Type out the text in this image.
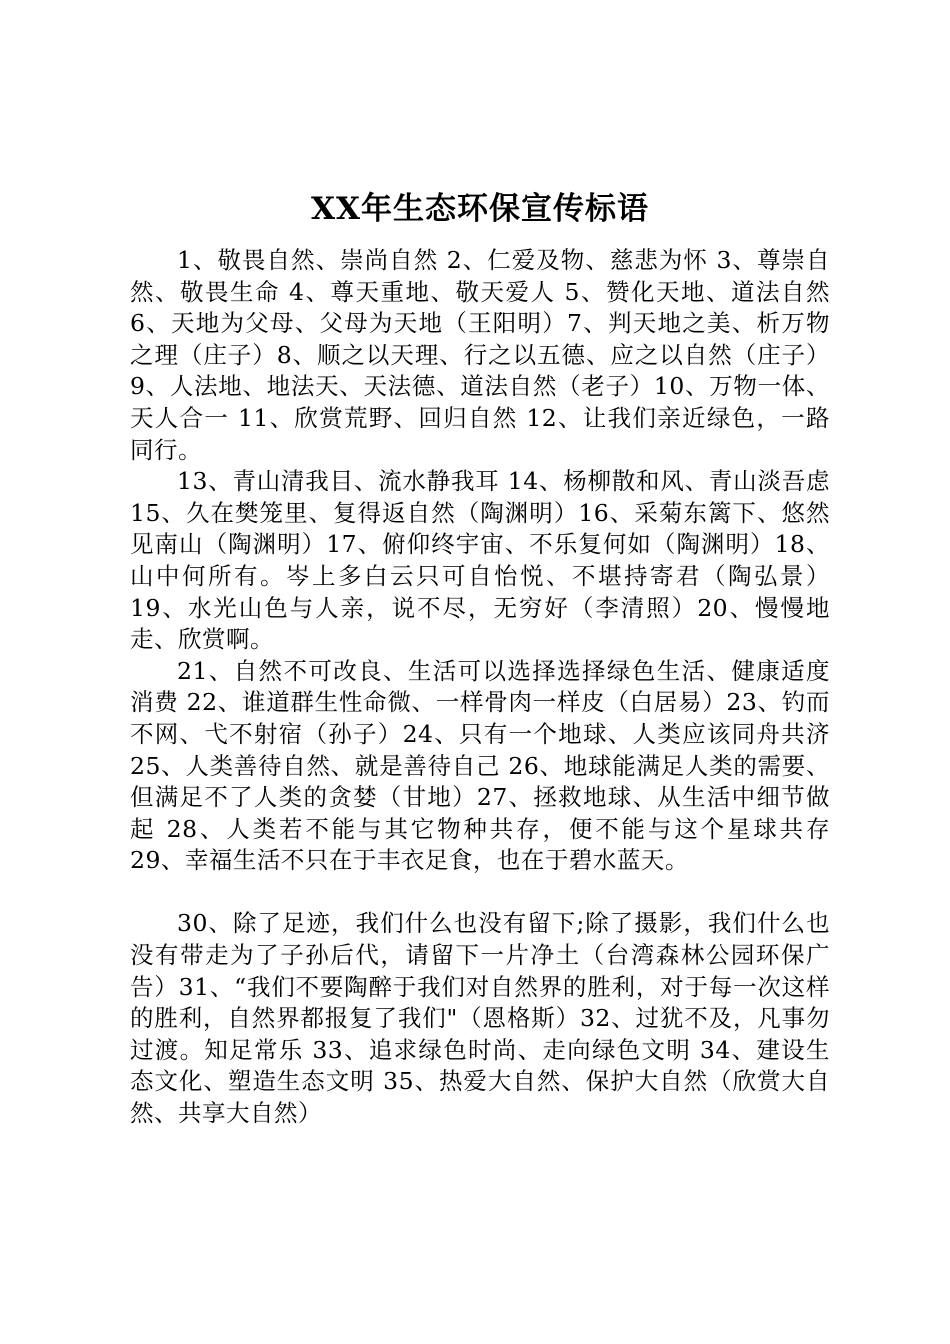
XX年生态环保宣传标语

1、敬畏自然、崇尚自然 2、仁爱及物、慈悲为怀 3、尊崇自然、敬畏生命 4、尊天重地、敬天爱人 5、赞化天地、道法自然 6、天地为父母、父母为天地（王阳明）7、判天地之美、析万物之理（庄子）8、顺之以天理、行之以五德、应之以自然（庄子）9、人法地、地法天、天法德、道法自然（老子）10、万物一体、天人合一 11、欣赏荒野、回归自然 12、让我们亲近绿色，一路同行。

13、青山清我目、流水静我耳 14、杨柳散和风、青山淡吾虑 15、久在樊笼里、复得返自然（陶渊明）16、采菊东篱下、悠然见南山（陶渊明）17、俯仰终宇宙、不乐复何如（陶渊明）18、山中何所有。岑上多白云只可自怡悦、不堪持寄君（陶弘景）19、水光山色与人亲，说不尽，无穷好（李清照）20、慢慢地走、欣赏啊。

21、自然不可改良、生活可以选择选择绿色生活、健康适度消费 22、谁道群生性命微、一样骨肉一样皮（白居易）23、钓而不网、弋不射宿（孙子）24、只有一个地球、人类应该同舟共济 25、人类善待自然、就是善待自己 26、地球能满足人类的需要、但满足不了人类的贪婪（甘地）27、拯救地球、从生活中细节做起 28、人类若不能与其它物种共存，便不能与这个星球共存 29、幸福生活不只在于丰衣足食，也在于碧水蓝天。

30、除了足迹，我们什么也没有留下;除了摄影，我们什么也没有带走为了子孙后代，请留下一片净土（台湾森林公园环保广告）31、“我们不要陶醉于我们对自然界的胜利，对于每一次这样的胜利，自然界都报复了我们"（恩格斯）32、过犹不及，凡事勿过渡。知足常乐 33、追求绿色时尚、走向绿色文明 34、建设生态文化、塑造生态文明 35、热爱大自然、保护大自然（欣赏大自然、共享大自然）
